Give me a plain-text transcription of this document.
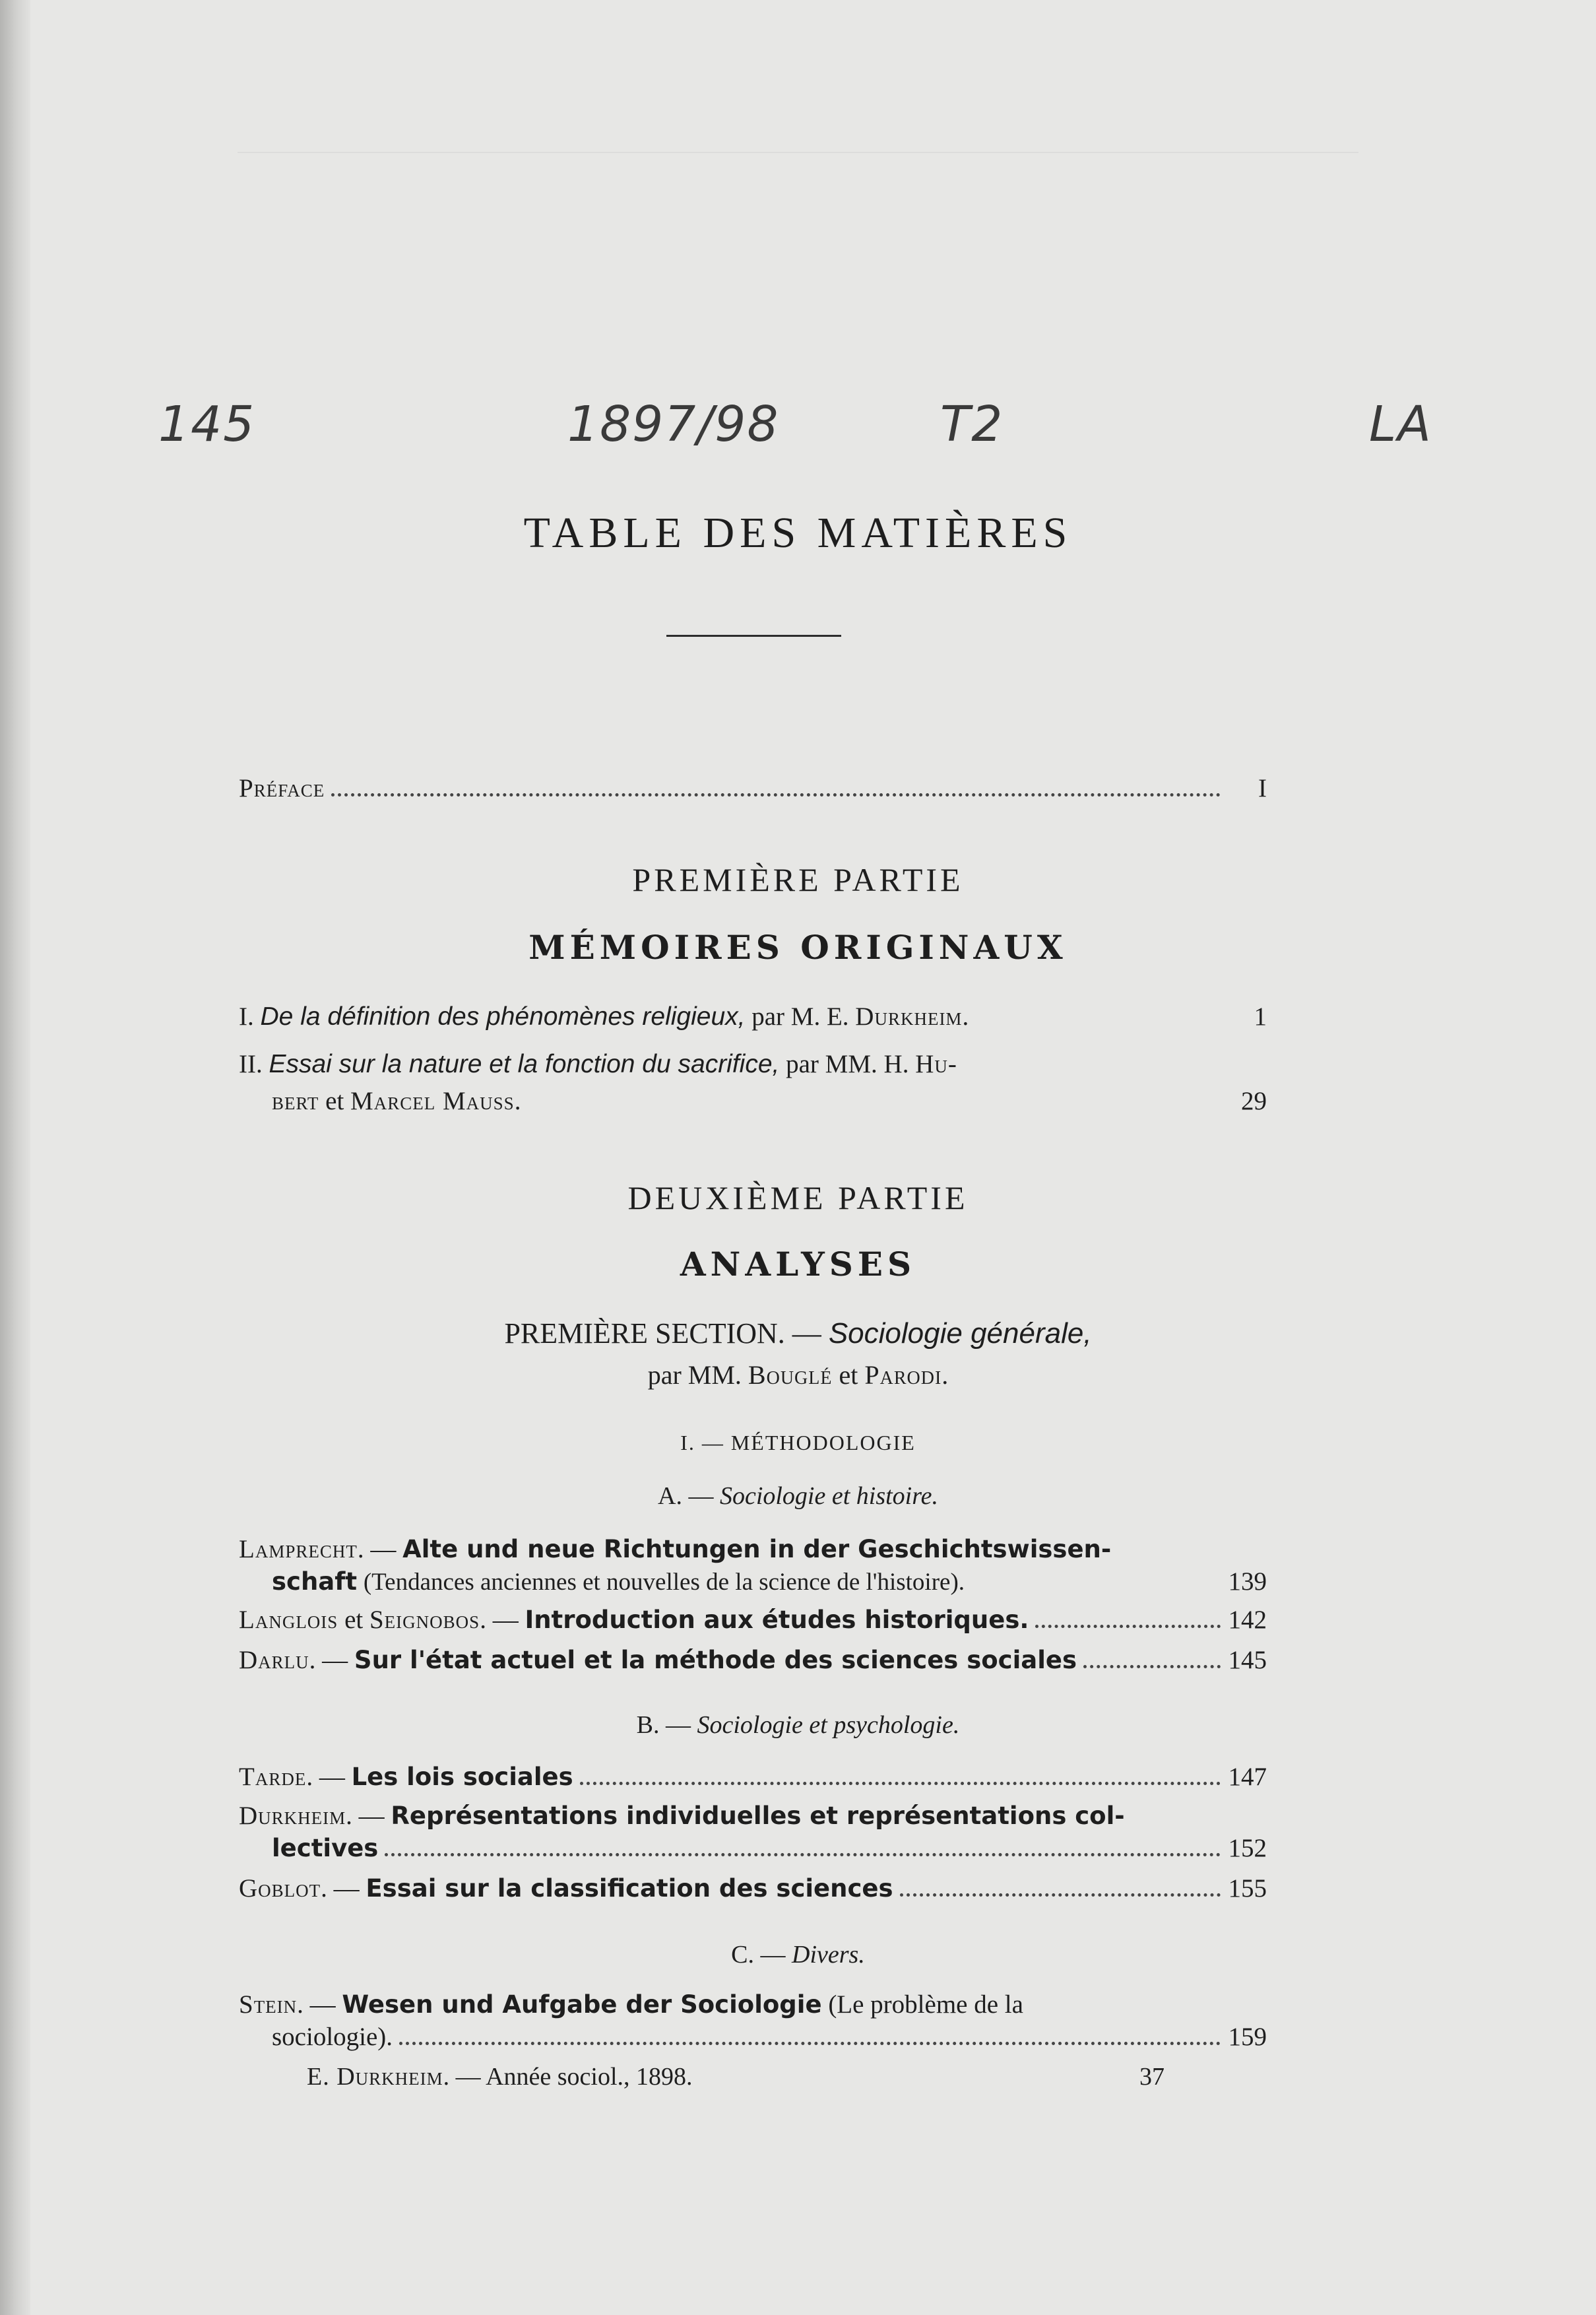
145	1897/98	T2	LA
TABLE DES MATIÈRES
Préface	I
PREMIÈRE PARTIE
MÉMOIRES ORIGINAUX
I.
De la définition des phénomènes religieux,
par M. E.
Durkheim .	1
II.
Essai sur la nature et la fonction du sacrifice,
par MM. H.
Hu-
bert
et
Marcel Mauss .	29
DEUXIÈME PARTIE
ANALYSES
PREMIÈRE SECTION. — Sociologie générale,
par MM. Bouglé et Parodi.
I. — MÉTHODOLOGIE
A. — Sociologie et histoire.
Lamprecht . —
Alte und neue Richtungen in der Geschichtswissen-
schaft
(Tendances anciennes et nouvelles de la science de l'histoire).	139
Langlois
et
Seignobos . —
Introduction aux études historiques.	142
Darlu . —
Sur l'état actuel et la méthode des sciences sociales	145
B. — Sociologie et psychologie.
Tarde . —
Les lois sociales	147
Durkheim . —
Représentations individuelles et représentations col-
lectives	152
Goblot . —
Essai sur la classification des sciences	155
C. — Divers.
Stein . —
Wesen und Aufgabe der Sociologie
(Le problème de la
sociologie).	159
E. Durkheim. — Année sociol., 1898.	37
